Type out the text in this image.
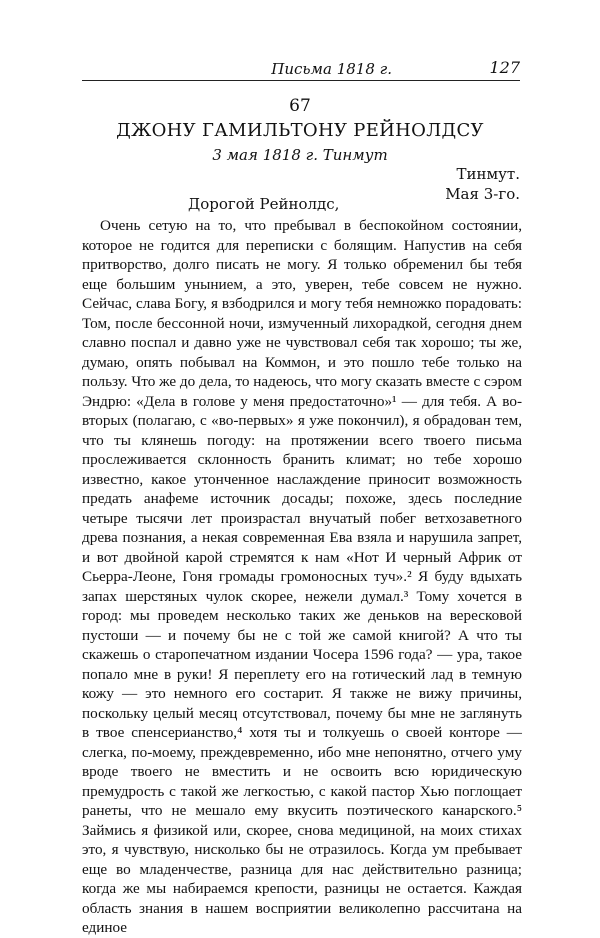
Письма 1818 г.	127
67
ДЖОНУ ГАМИЛЬТОНУ РЕЙНОЛДСУ
3 мая 1818 г. Тинмут
Тинмут.
Мая 3-го.
Дорогой Рейнолдс,

Очень сетую на то, что пребывал в беспокойном состоянии, которое не годится для переписки с болящим. Напустив на себя притворство, долго писать не могу. Я только обременил бы тебя еще большим унынием, а это, уверен, тебе совсем не нужно. Сейчас, слава Богу, я взбодрился и могу тебя немножко порадовать: Том, после бессонной ночи, измученный лихорадкой, сегодня днем славно поспал и давно уже не чувствовал себя так хорошо; ты же, думаю, опять побывал на Коммон, и это пошло тебе только на пользу. Что же до дела, то надеюсь, что могу сказать вместе с сэром Эндрю: «Дела в голове у меня предостаточно»¹ — для тебя. А во-вторых (полагаю, с «во-первых» я уже покончил), я обрадован тем, что ты клянешь погоду: на протяжении всего твоего письма прослеживается склонность бранить климат; но тебе хорошо известно, какое утонченное наслаждение приносит возможность предать анафеме источник досады; похоже, здесь последние четыре тысячи лет произрастал внучатый побег ветхозаветного древа познания, а некая современная Ева взяла и нарушила запрет, и вот двойной карой стремятся к нам «Нот И черный Африк от Сьерра-Леоне, Гоня громады громоносных туч».² Я буду вдыхать запах шерстяных чулок скорее, нежели думал.³ Тому хочется в город: мы проведем несколько таких же деньков на вересковой пустоши — и почему бы не с той же самой книгой? А что ты скажешь о старопечатном издании Чосера 1596 года? — ура, такое попало мне в руки! Я переплету его на готический лад в темную кожу — это немного его состарит. Я также не вижу причины, поскольку целый месяц отсутствовал, почему бы мне не заглянуть в твое спенсерианство,⁴ хотя ты и толкуешь о своей конторе — слегка, по-моему, преждевременно, ибо мне непонятно, отчего уму вроде твоего не вместить и не освоить всю юридическую премудрость с такой же легкостью, с какой пастор Хью поглощает ранеты, что не мешало ему вкусить поэтического канарского.⁵ Займись я физикой или, скорее, снова медициной, на моих стихах это, я чувствую, нисколько бы не отразилось. Когда ум пребывает еще во младенчестве, разница для нас действительно разница; когда же мы набираемся крепости, разницы не остается. Каждая область знания в нашем восприятии великолепно рассчитана на единое
